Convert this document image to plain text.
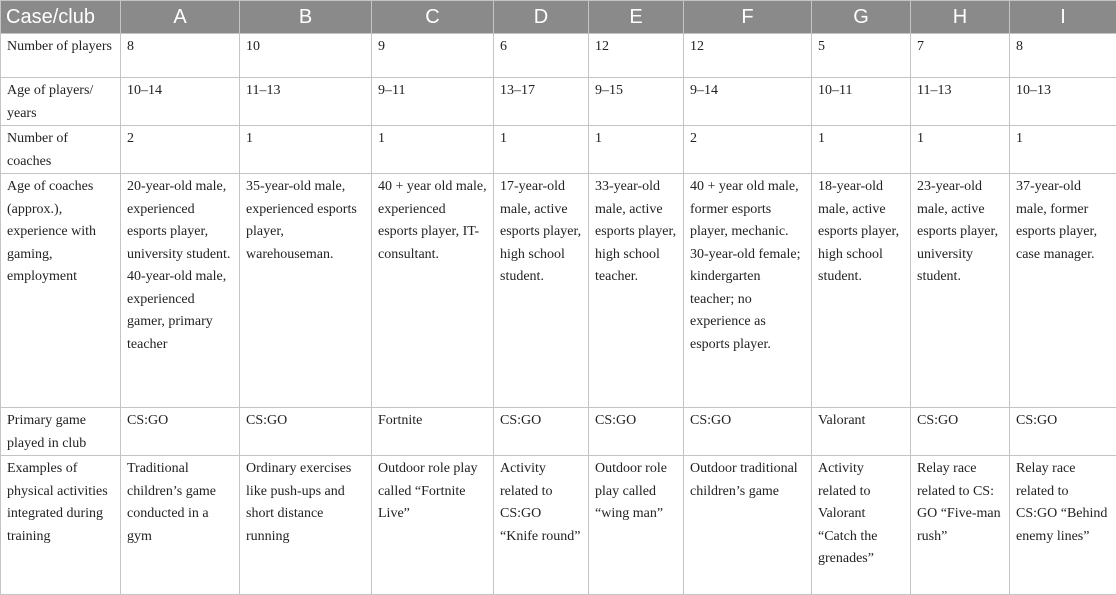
Case/club	A	B	C	D	E	F	G	H	I
Number of players	8	10	9	6	12	12	5	7	8
Age of players/ years	10–14	11–13	9–11	13–17	9–15	9–14	10–11	11–13	10–13
Number of coaches	2	1	1	1	1	2	1	1	1
Age of coaches (approx.), experience with gaming, employment	20-year-old male, experienced esports player, university student. 40-year-old male, experienced gamer, primary teacher	35-year-old male, experienced esports player, warehouseman.	40 + year old male, experienced esports player, IT-consultant.	17-year-old male, active esports player, high school student.	33-year-old male, active esports player, high school teacher.	40 + year old male, former esports player, mechanic. 30-year-old female; kindergarten teacher; no experience as esports player.	18-year-old male, active esports player, high school student.	23-year-old male, active esports player, university student.	37-year-old male, former esports player, case manager.
Primary game played in club	CS:GO	CS:GO	Fortnite	CS:GO	CS:GO	CS:GO	Valorant	CS:GO	CS:GO
Examples of physical activities integrated during training	Traditional children’s game conducted in a gym	Ordinary exercises like push-ups and short distance running	Outdoor role play called “Fortnite Live”	Activity related to CS:GO “Knife round”	Outdoor role play called “wing man”	Outdoor traditional children’s game	Activity related to Valorant “Catch the grenades”	Relay race related to CS: GO “Five-man rush”	Relay race related to CS:GO “Behind enemy lines”
